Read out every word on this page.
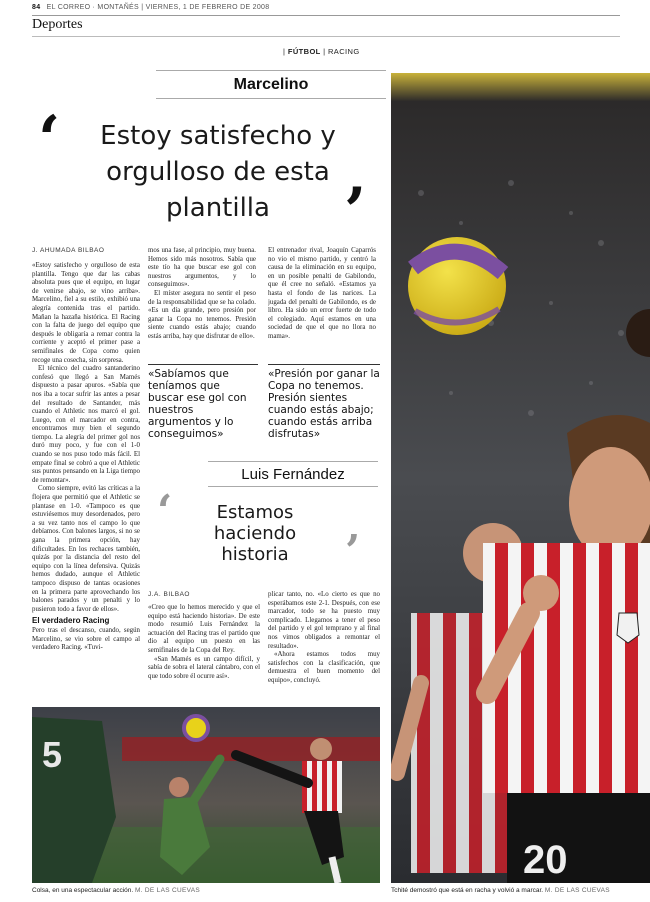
84 EL CORREO · MONTAÑÉS | VIERNES, 1 DE FEBRERO DE 2008
Deportes
| FÚTBOL | RACING
Marcelino
‘	Estoy satisfecho y orgulloso de esta plantilla	’
J. AHUMADA BILBAO

«Estoy satisfecho y orgulloso de esta plantilla. Tengo que dar las cabas absoluta pues que el equipo, en lugar de venirse abajo, se vino arriba». Marcelino, fiel a su estilo, exhibió una alegría contenida tras el partido. Mañan la hazaña histórica. El Racing con la falta de juego del equipo que después le obligaría a remar contra la corriente y aceptó el primer pase a semifinales de Copa como quien recoge una cosecha, sin sorpresa.

El técnico del cuadro santanderino confesó que llegó a San Mamés dispuesto a pasar apuros. «Sabía que nos iba a tocar sufrir las antes a pesar del resultado de Santander, más cuando el Athletic nos marcó el gol. Luego, con el marcador en contra, encontramos muy bien el segundo tiempo. La alegría del primer gol nos duró muy poco, y fue con el 1-0 cuando se nos puso todo más fácil. El empate final se cobró a que el Athletic sus puntos pensando en la Liga tiempo de remontar».

Como siempre, evitó las críticas a la flojera que permitió que el Athletic se plantase en 1-0. «Tampoco es que estuviésemos muy desordenados, pero a su vez tanto nos el campo lo que debíamos. Con balones largos, si no se gana la primera opción, hay dificultades. En los rechaces también, quizás por la distancia del resto del equipo con la línea defensiva. Quizás hemos dudado, aunque el Athletic tampoco dispuso de tantas ocasiones en la primera parte aprovechando los balones parados y un penalti y lo pusieron todo a favor de ellos».

El verdadero Racing

Pero tras el descanso, cuando, según Marcelino, se vio sobre el campo al verdadero Racing. «Tuvi-

mos una fase, al principio, muy buena. Hemos sido más nosotros. Sabía que este tío ha que buscar ese gol con nuestros argumentos, y lo conseguimos».

El míster asegura no sentir el peso de la responsabilidad que se ha colado. «Es un día grande, pero presión por ganar la Copa no tenemos. Presión siente cuando estás abajo; cuando estás arriba, hay que disfrutar de ello».

«Sabíamos que teníamos que buscar ese gol con nuestros argumentos y lo conseguimos»

El entrenador rival, Joaquín Caparrós no vio el mismo partido, y centró la causa de la eliminación en su equipo, en un posible penalti de Gabilondo, que él cree no señaló. «Estamos ya hasta el fondo de las narices. La jugada del penalti de Gabilondo, es de libro. Ha sido un error fuerte de todo el colegiado. Aquí estamos en una sociedad de que el que no llora no mama».

«Presión por ganar la Copa no tenemos. Presión sientes cuando estás abajo; cuando estás arriba disfrutas»
Luis Fernández
‘	Estamos haciendo historia	’
J.A. BILBAO

«Creo que lo hemos merecido y que el equipo está haciendo historia». De este modo resumió Luis Fernández la actuación del Racing tras el partido que dio al equipo un puesto en las semifinales de la Copa del Rey.

«San Mamés es un campo difícil, y sabía de sobra el lateral cántabro, con el que todo sobre él ocurre así».

plicar tanto, no. «Lo cierto es que no esperábamos este 2-1. Después, con ese marcador, todo se ha puesto muy complicado. Llegamos a tener el peso del partido y el gol temprano y al final nos vimos obligados a remontar el resultado».

«Ahora estamos todos muy satisfechos con la clasificación, que demuestra el buen momento del equipo», concluyó.

5
Colsa, en una espectacular acción. M. DE LAS CUEVAS
20
Tchité demostró que está en racha y volvió a marcar. M. DE LAS CUEVAS
